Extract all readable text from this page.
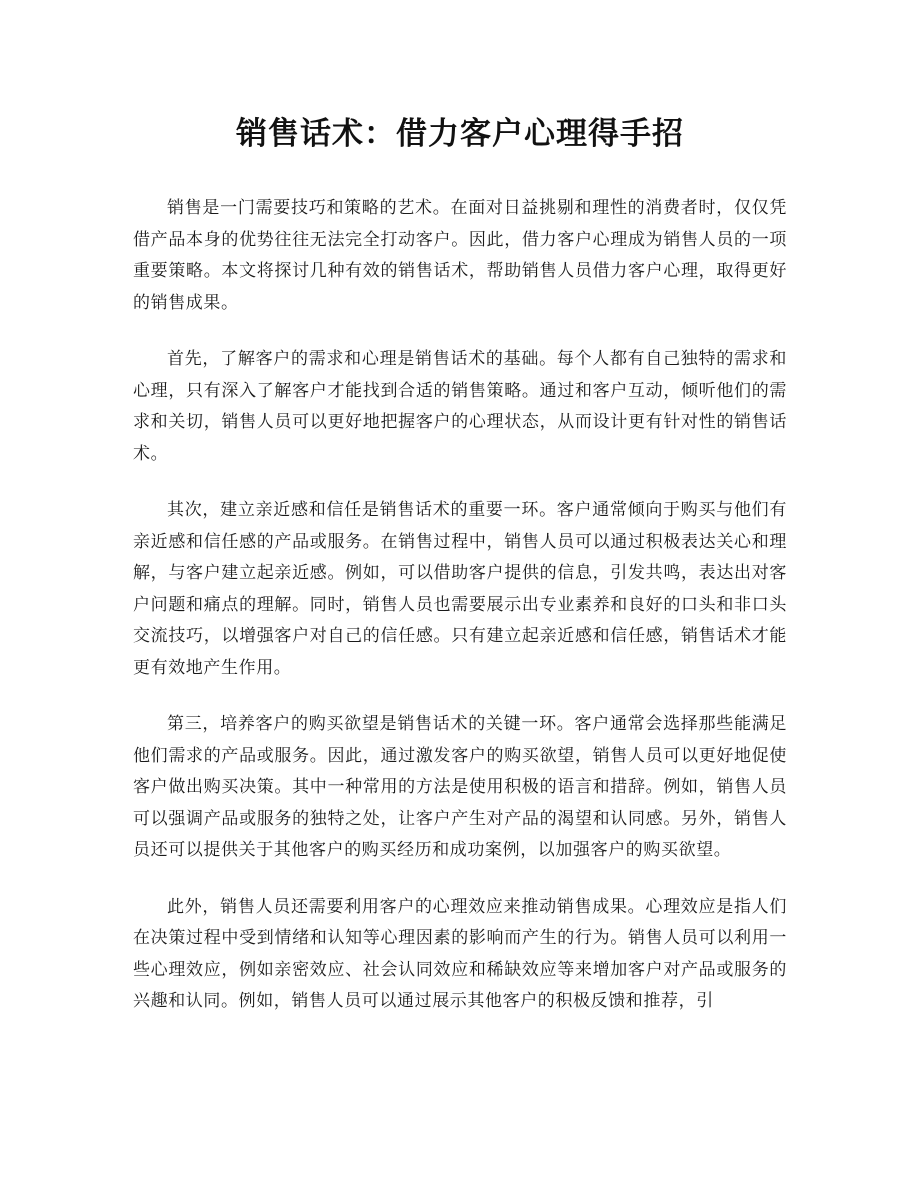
销售话术：借力客户心理得手招

销售是一门需要技巧和策略的艺术。在面对日益挑剔和理性的消费者时，仅仅凭借产品本身的优势往往无法完全打动客户。因此，借力客户心理成为销售人员的一项重要策略。本文将探讨几种有效的销售话术，帮助销售人员借力客户心理，取得更好的销售成果。

首先，了解客户的需求和心理是销售话术的基础。每个人都有自己独特的需求和心理，只有深入了解客户才能找到合适的销售策略。通过和客户互动，倾听他们的需求和关切，销售人员可以更好地把握客户的心理状态，从而设计更有针对性的销售话术。

其次，建立亲近感和信任是销售话术的重要一环。客户通常倾向于购买与他们有亲近感和信任感的产品或服务。在销售过程中，销售人员可以通过积极表达关心和理解，与客户建立起亲近感。例如，可以借助客户提供的信息，引发共鸣，表达出对客户问题和痛点的理解。同时，销售人员也需要展示出专业素养和良好的口头和非口头交流技巧，以增强客户对自己的信任感。只有建立起亲近感和信任感，销售话术才能更有效地产生作用。

第三，培养客户的购买欲望是销售话术的关键一环。客户通常会选择那些能满足他们需求的产品或服务。因此，通过激发客户的购买欲望，销售人员可以更好地促使客户做出购买决策。其中一种常用的方法是使用积极的语言和措辞。例如，销售人员可以强调产品或服务的独特之处，让客户产生对产品的渴望和认同感。另外，销售人员还可以提供关于其他客户的购买经历和成功案例，以加强客户的购买欲望。

此外，销售人员还需要利用客户的心理效应来推动销售成果。心理效应是指人们在决策过程中受到情绪和认知等心理因素的影响而产生的行为。销售人员可以利用一些心理效应，例如亲密效应、社会认同效应和稀缺效应等来增加客户对产品或服务的兴趣和认同。例如，销售人员可以通过展示其他客户的积极反馈和推荐，引
